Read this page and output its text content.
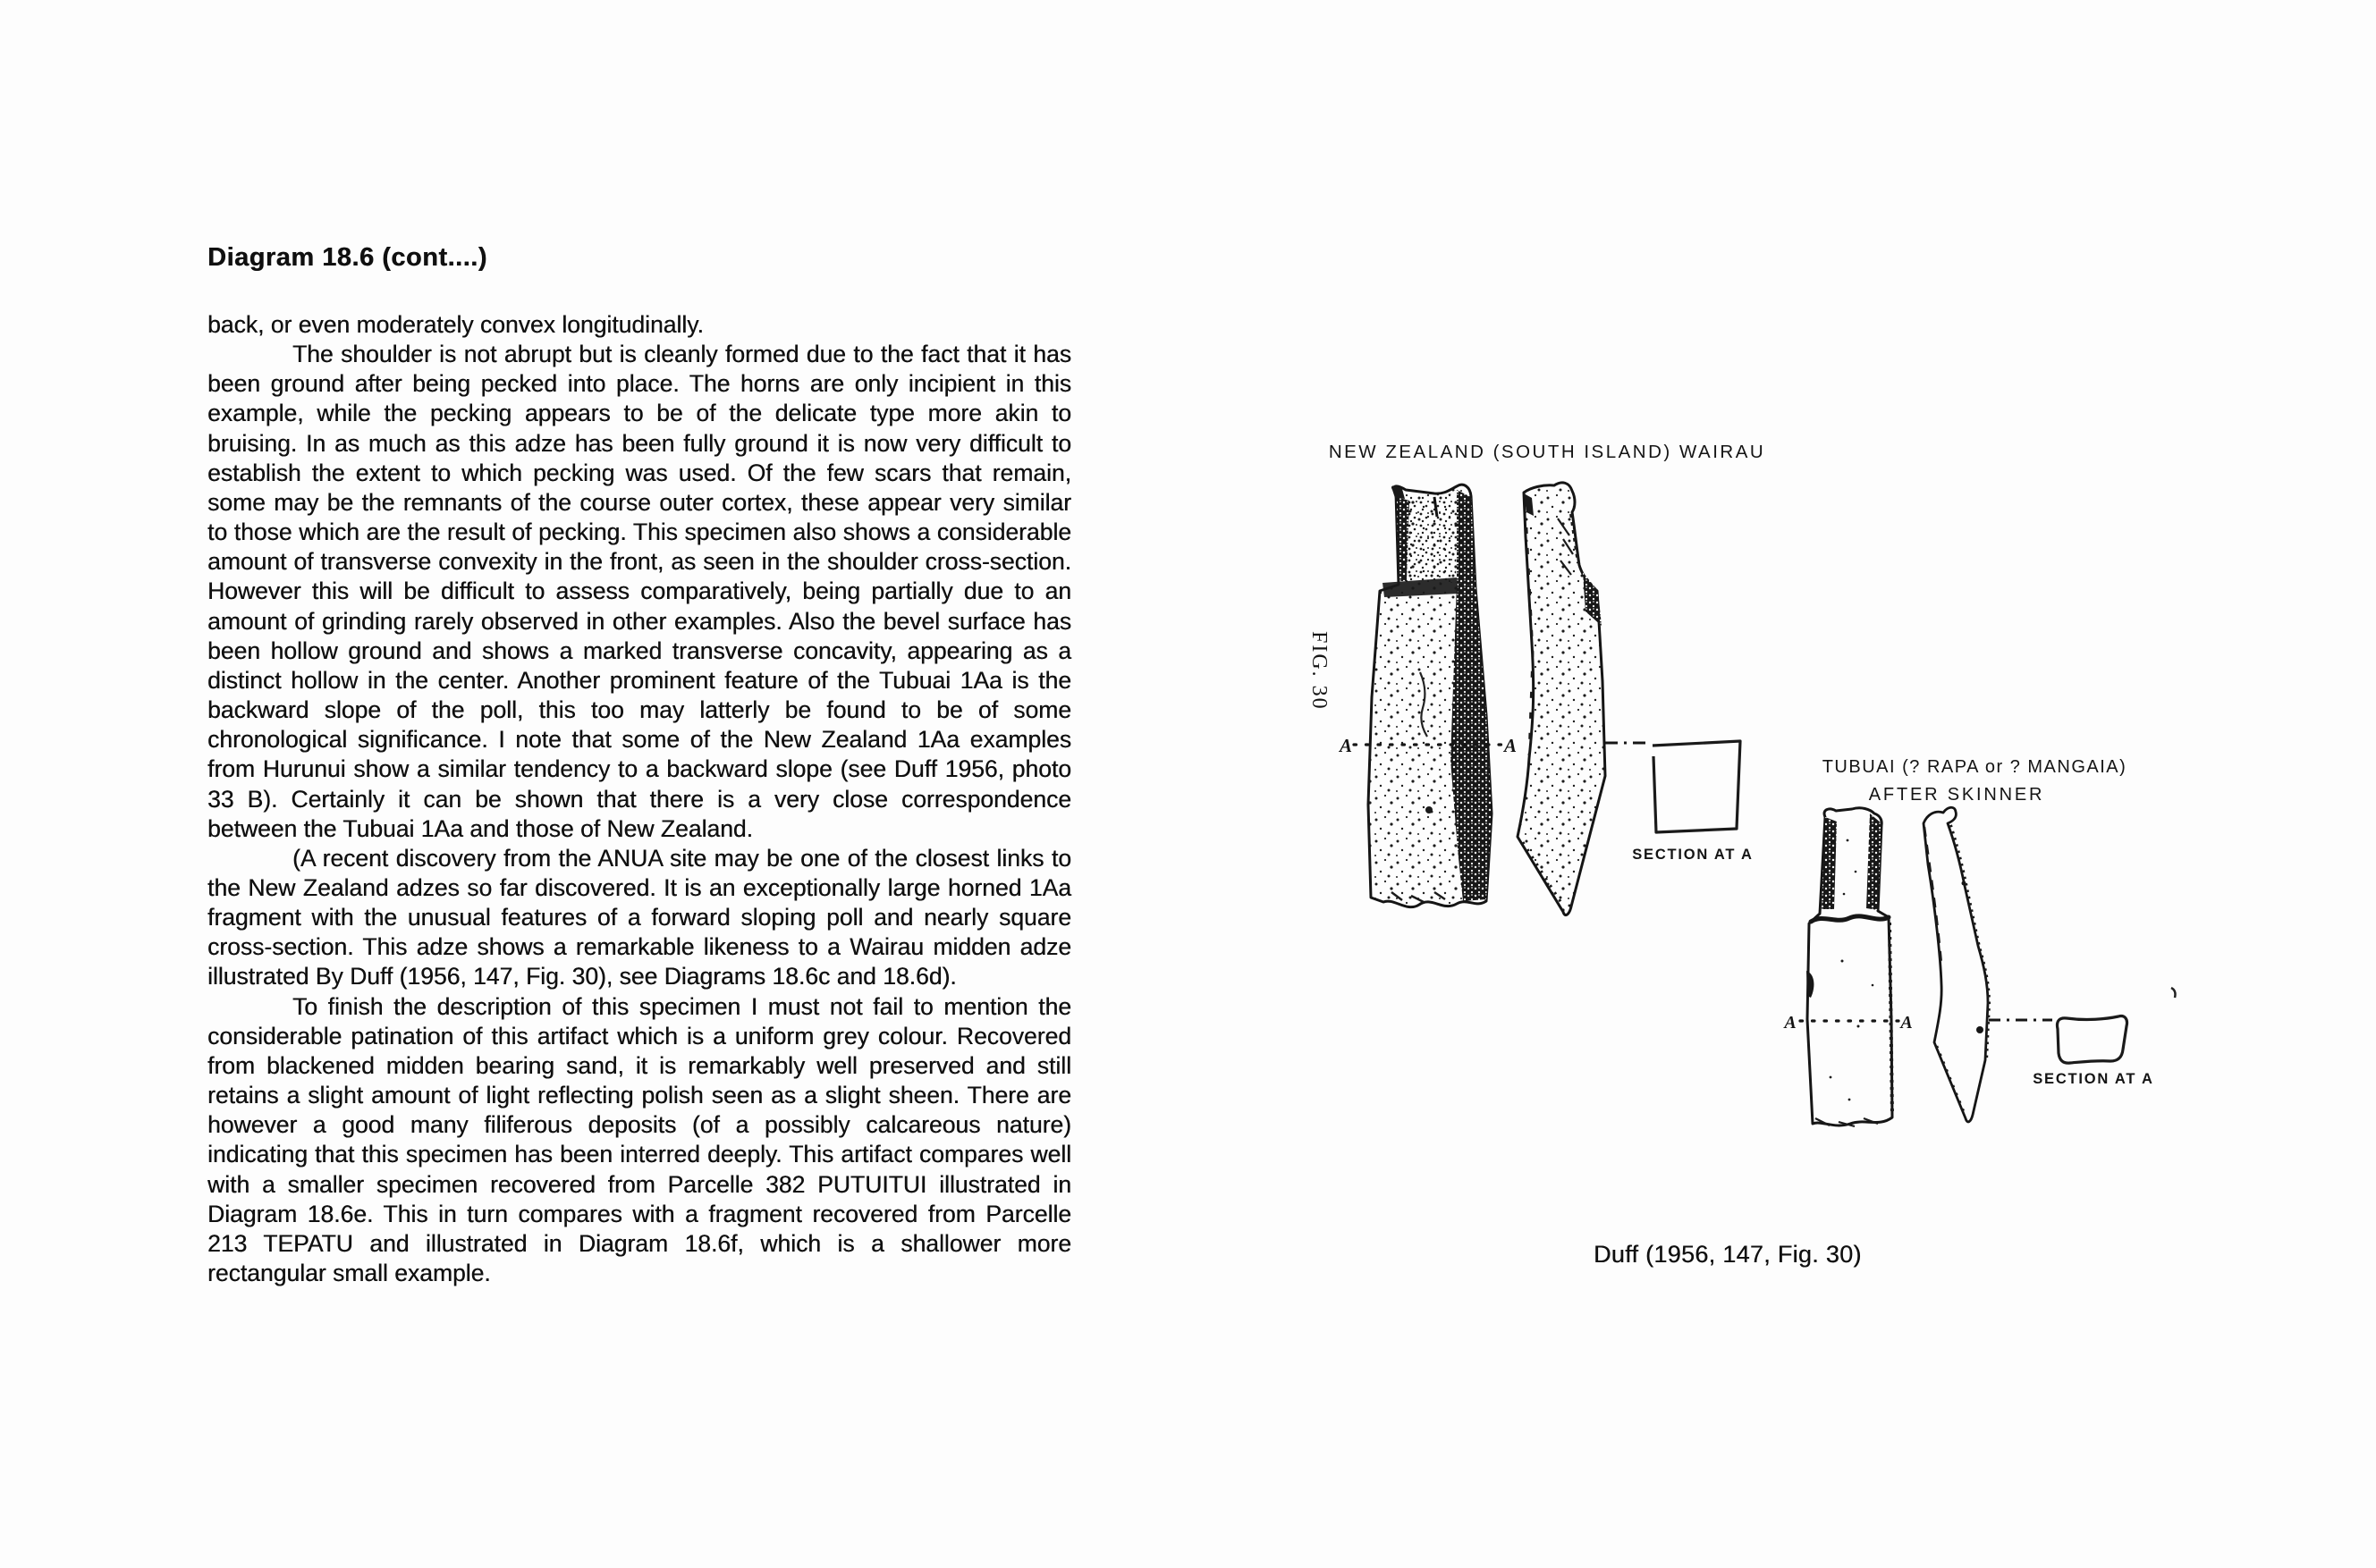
Diagram 18.6 (cont....)

back, or even moderately convex longitudinally.

The shoulder is not abrupt but is cleanly formed due to the fact that it has been ground after being pecked into place. The horns are only incipient in this example, while the pecking appears to be of the delicate type more akin to bruising. In as much as this adze has been fully ground it is now very difficult to establish the extent to which pecking was used. Of the few scars that remain, some may be the remnants of the course outer cortex, these appear very similar to those which are the result of pecking. This specimen also shows a considerable amount of transverse convexity in the front, as seen in the shoulder cross-section. However this will be difficult to assess comparatively, being partially due to an amount of grinding rarely observed in other examples. Also the bevel surface has been hollow ground and shows a marked transverse concavity, appearing as a distinct hollow in the center. Another prominent feature of the Tubuai 1Aa is the backward slope of the poll, this too may latterly be found to be of some chronological significance. I note that some of the New Zealand 1Aa examples from Hurunui show a similar tendency to a backward slope (see Duff 1956, photo 33 B). Certainly it can be shown that there is a very close correspondence between the Tubuai 1Aa and those of New Zealand.

(A recent discovery from the ANUA site may be one of the closest links to the New Zealand adzes so far discovered. It is an exceptionally large horned 1Aa fragment with the unusual features of a forward sloping poll and nearly square cross-section. This adze shows a remarkable likeness to a Wairau midden adze illustrated By Duff (1956, 147, Fig. 30), see Diagrams 18.6c and 18.6d).

To finish the description of this specimen I must not fail to mention the considerable patination of this artifact which is a uniform grey colour. Recovered from blackened midden bearing sand, it is remarkably well preserved and still retains a slight amount of light reflecting polish seen as a slight sheen. There are however a good many filiferous deposits (of a possibly calcareous nature) indicating that this specimen has been interred deeply. This artifact compares well with a smaller specimen recovered from Parcelle 382 PUTUITUI illustrated in Diagram 18.6e. This in turn compares with a fragment recovered from Parcelle 213 TEPATU and illustrated in Diagram 18.6f, which is a shallower more rectangular small example.

NEW ZEALAND (SOUTH ISLAND) WAIRAU
FIG. 30
A	A
SECTION AT A
TUBUAI (? RAPA or ? MANGAIA)
AFTER SKINNER
A	A
SECTION AT A

Duff (1956, 147, Fig. 30)
